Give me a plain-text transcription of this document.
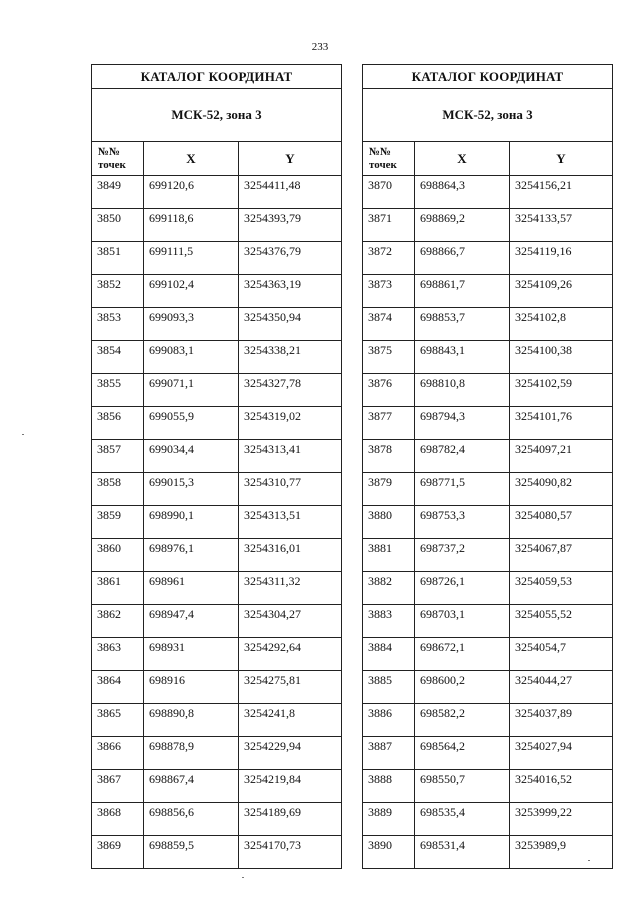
233
КАТАЛОГ КООРДИНАТ		
МСК-52, зона 3		

№№
точек	X	Y
3849	699120,6	3254411,48
3850	699118,6	3254393,79
3851	699111,5	3254376,79
3852	699102,4	3254363,19
3853	699093,3	3254350,94
3854	699083,1	3254338,21
3855	699071,1	3254327,78
3856	699055,9	3254319,02
3857	699034,4	3254313,41
3858	699015,3	3254310,77
3859	698990,1	3254313,51
3860	698976,1	3254316,01
3861	698961	3254311,32
3862	698947,4	3254304,27
3863	698931	3254292,64
3864	698916	3254275,81
3865	698890,8	3254241,8
3866	698878,9	3254229,94
3867	698867,4	3254219,84
3868	698856,6	3254189,69
3869	698859,5	3254170,73
КАТАЛОГ КООРДИНАТ		
МСК-52, зона 3		

№№
точек	X	Y
3870	698864,3	3254156,21
3871	698869,2	3254133,57
3872	698866,7	3254119,16
3873	698861,7	3254109,26
3874	698853,7	3254102,8
3875	698843,1	3254100,38
3876	698810,8	3254102,59
3877	698794,3	3254101,76
3878	698782,4	3254097,21
3879	698771,5	3254090,82
3880	698753,3	3254080,57
3881	698737,2	3254067,87
3882	698726,1	3254059,53
3883	698703,1	3254055,52
3884	698672,1	3254054,7
3885	698600,2	3254044,27
3886	698582,2	3254037,89
3887	698564,2	3254027,94
3888	698550,7	3254016,52
3889	698535,4	3253999,22
3890	698531,4	3253989,9
